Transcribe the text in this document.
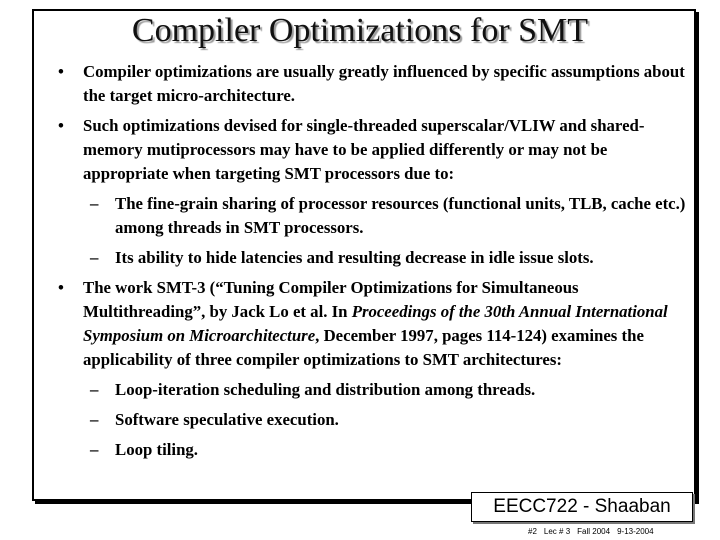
Compiler Optimizations for SMT
• Compiler optimizations are usually greatly influenced by specific assumptions about the target micro-architecture.
• Such optimizations devised for single-threaded superscalar/VLIW and shared-memory mutiprocessors may have to be applied differently or may not be appropriate when targeting SMT processors due to:
– The fine-grain sharing of processor resources (functional units, TLB, cache etc.) among threads in SMT processors.
– Its ability to hide latencies and resulting decrease in idle issue slots.
• The work SMT-3 (“Tuning Compiler Optimizations for Simultaneous Multithreading”, by Jack Lo et al. In Proceedings of the 30th Annual International Symposium on Microarchitecture, December 1997, pages 114-124) examines the applicability of three compiler optimizations to SMT architectures:
– Loop-iteration scheduling and distribution among threads.
– Software speculative execution.
– Loop tiling.
EECC722 - Shaaban
#2 Lec # 3 Fall 2004 9-13-2004
